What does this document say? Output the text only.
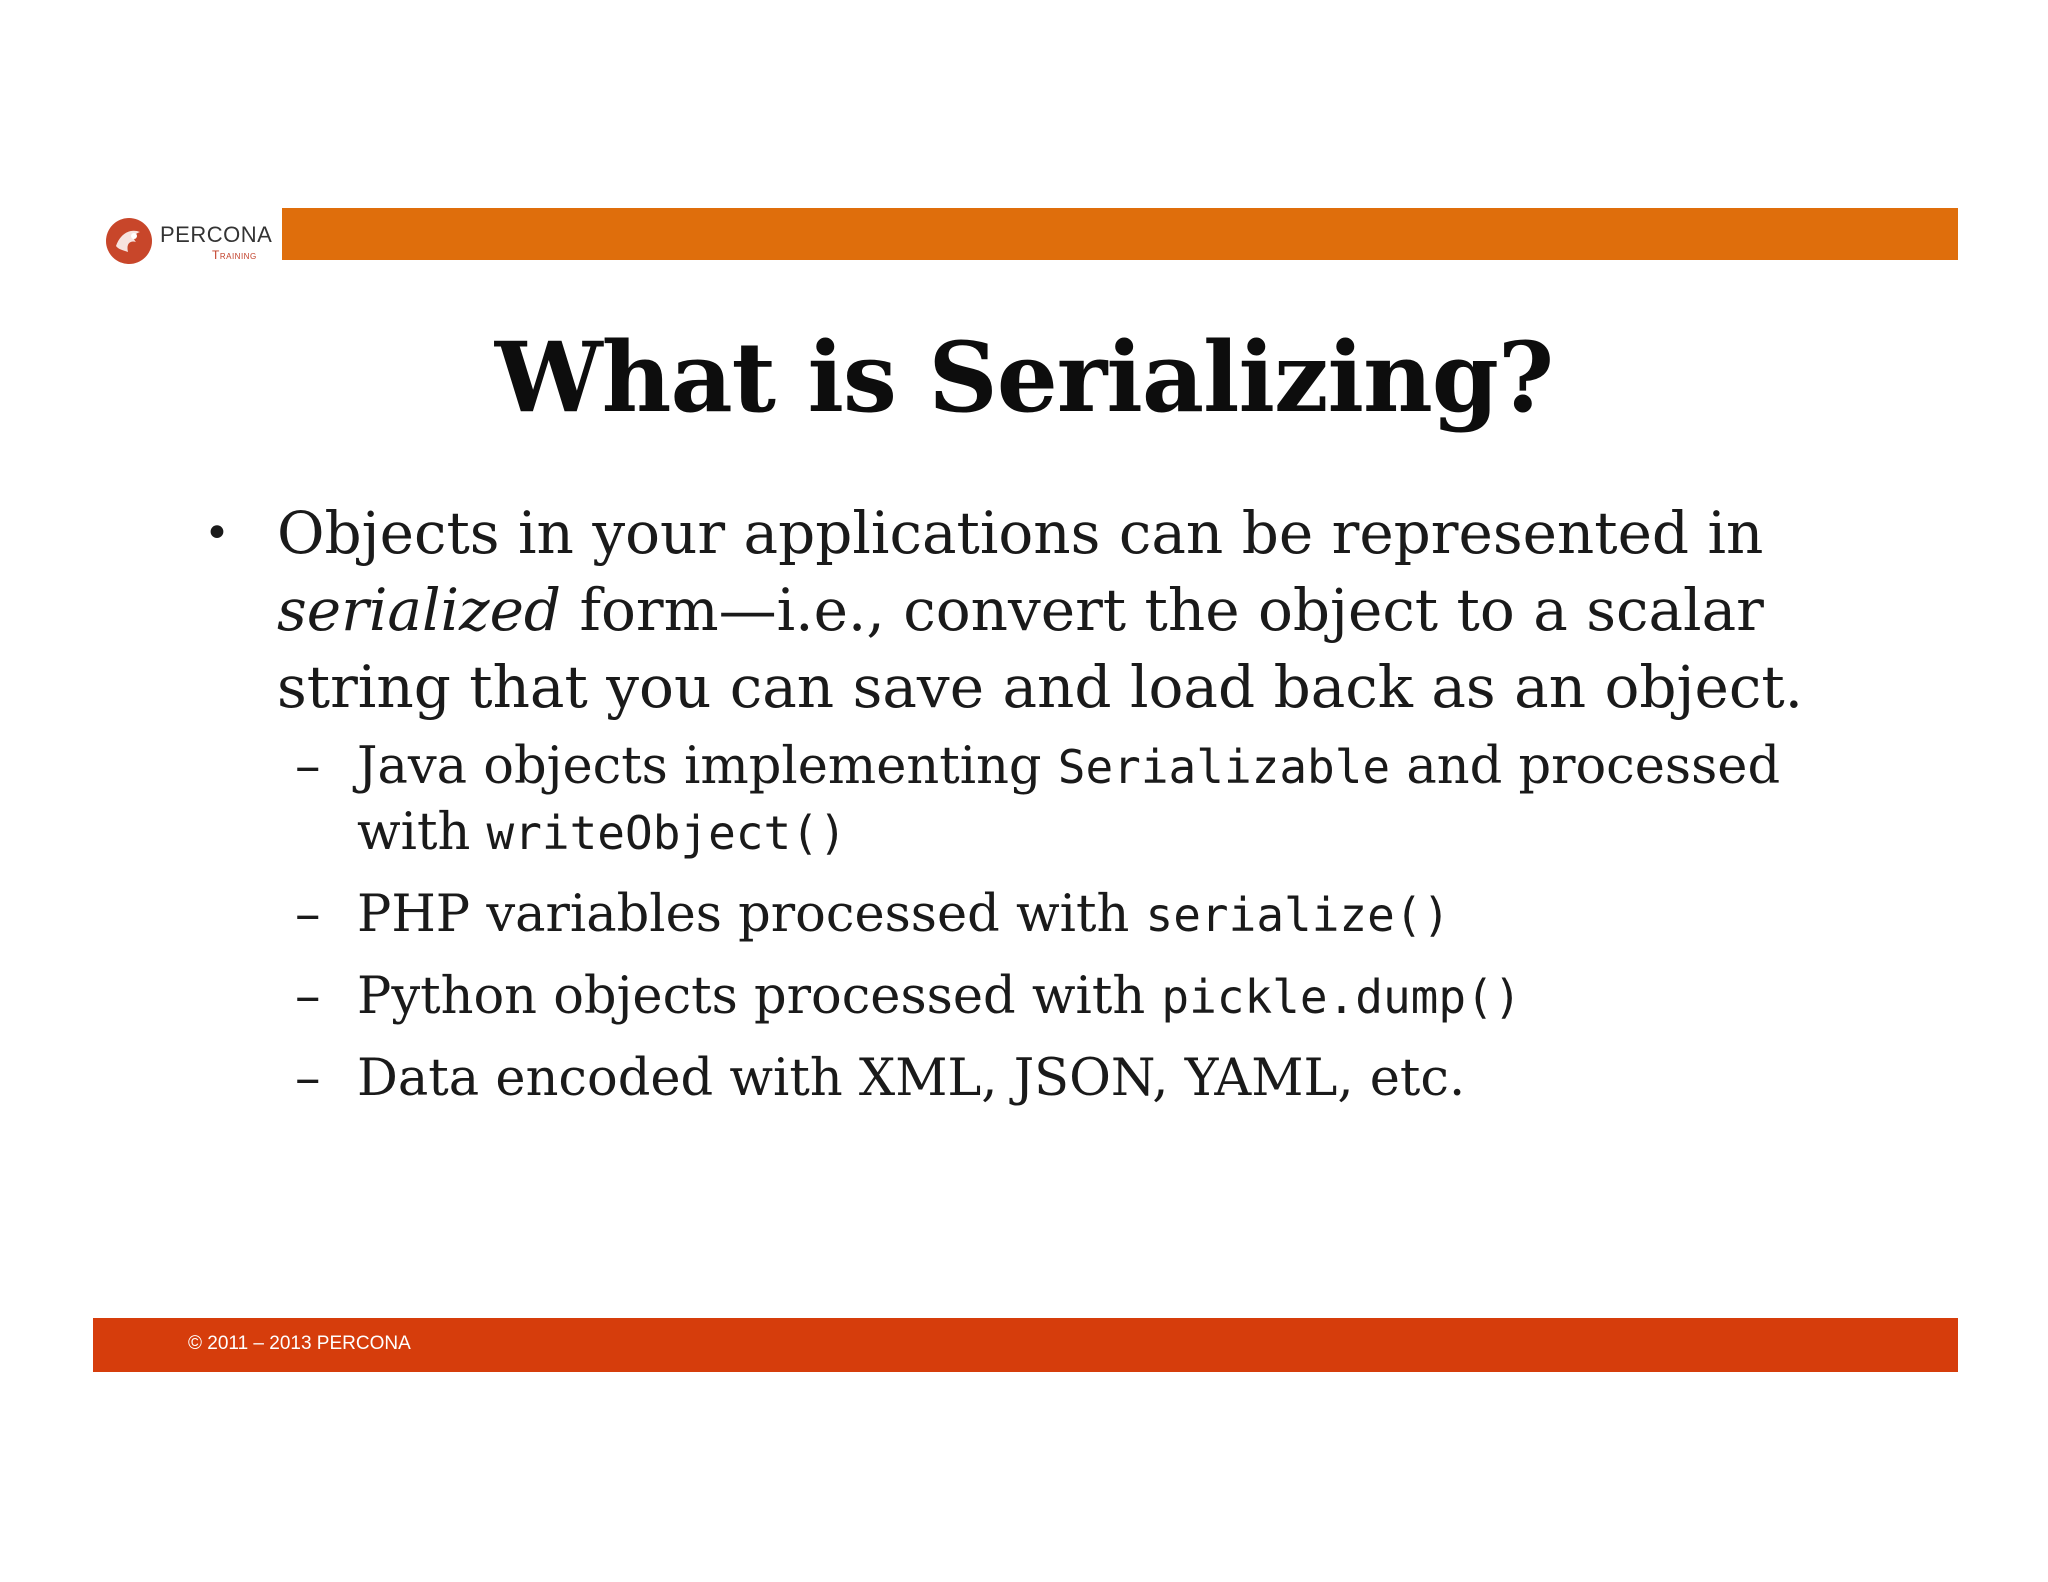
PERCONA
Training
What is Serializing?
• Objects in your applications can be represented in serialized form—i.e., convert the object to a scalar string that you can save and load back as an object.
– Java objects implementing Serializable and processed with writeObject()
– PHP variables processed with serialize()
– Python objects processed with pickle.dump()
– Data encoded with XML, JSON, YAML, etc.
© 2011 – 2013 PERCONA
